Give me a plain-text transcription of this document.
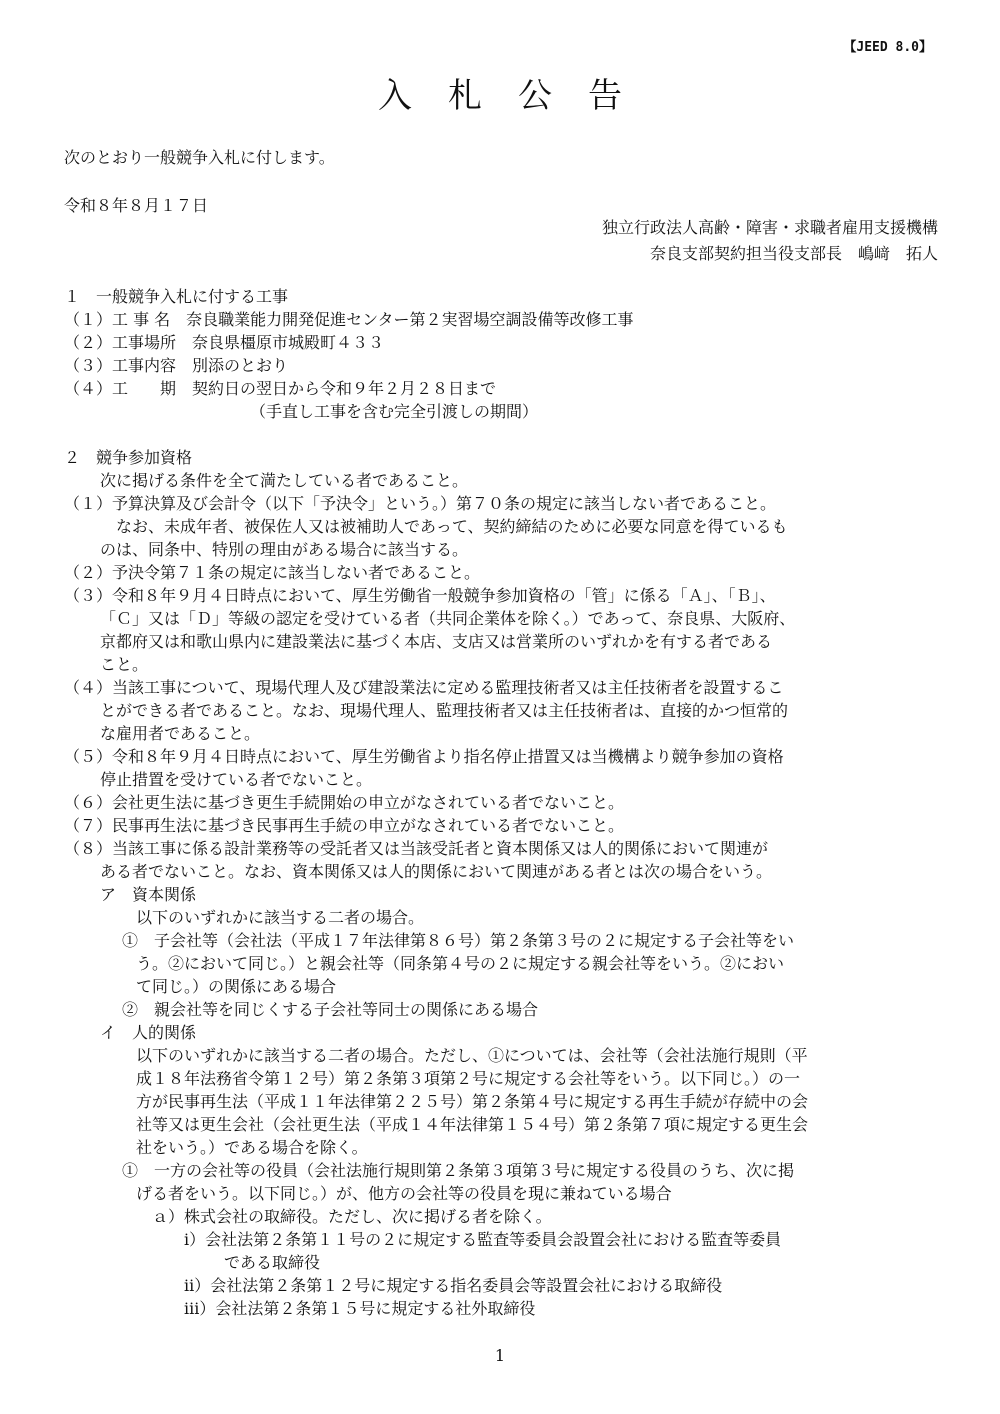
【JEED 8.0】
入 札 公 告
次のとおり一般競争入札に付します。
令和８年８月１７日
独立行政法人高齢・障害・求職者雇用支援機構
奈良支部契約担当役支部長　嶋﨑　拓人
１　一般競争入札に付する工事
（１）工 事 名　奈良職業能力開発促進センター第２実習場空調設備等改修工事
（２）工事場所　奈良県橿原市城殿町４３３
（３）工事内容　別添のとおり
（４）工　　期　契約日の翌日から令和９年２月２８日まで
（手直し工事を含む完全引渡しの期間）
２　競争参加資格
次に掲げる条件を全て満たしている者であること。
（１）予算決算及び会計令（以下「予決令」という。）第７０条の規定に該当しない者であること。
なお、未成年者、被保佐人又は被補助人であって、契約締結のために必要な同意を得ているも
のは、同条中、特別の理由がある場合に該当する。
（２）予決令第７１条の規定に該当しない者であること。
（３）令和８年９月４日時点において、厚生労働省一般競争参加資格の「管」に係る「Ａ」、「Ｂ」、
「Ｃ」又は「Ｄ」等級の認定を受けている者（共同企業体を除く。）であって、奈良県、大阪府、
京都府又は和歌山県内に建設業法に基づく本店、支店又は営業所のいずれかを有する者である
こと。
（４）当該工事について、現場代理人及び建設業法に定める監理技術者又は主任技術者を設置するこ
とができる者であること。なお、現場代理人、監理技術者又は主任技術者は、直接的かつ恒常的
な雇用者であること。
（５）令和８年９月４日時点において、厚生労働省より指名停止措置又は当機構より競争参加の資格
停止措置を受けている者でないこと。
（６）会社更生法に基づき更生手続開始の申立がなされている者でないこと。
（７）民事再生法に基づき民事再生手続の申立がなされている者でないこと。
（８）当該工事に係る設計業務等の受託者又は当該受託者と資本関係又は人的関係において関連が
ある者でないこと。なお、資本関係又は人的関係において関連がある者とは次の場合をいう。
ア　資本関係
以下のいずれかに該当する二者の場合。
①　子会社等（会社法（平成１７年法律第８６号）第２条第３号の２に規定する子会社等をい
う。②において同じ。）と親会社等（同条第４号の２に規定する親会社等をいう。②におい
て同じ。）の関係にある場合
②　親会社等を同じくする子会社等同士の関係にある場合
イ　人的関係
以下のいずれかに該当する二者の場合。ただし、①については、会社等（会社法施行規則（平
成１８年法務省令第１２号）第２条第３項第２号に規定する会社等をいう。以下同じ。）の一
方が民事再生法（平成１１年法律第２２５号）第２条第４号に規定する再生手続が存続中の会
社等又は更生会社（会社更生法（平成１４年法律第１５４号）第２条第７項に規定する更生会
社をいう。）である場合を除く。
①　一方の会社等の役員（会社法施行規則第２条第３項第３号に規定する役員のうち、次に掲
げる者をいう。以下同じ。）が、他方の会社等の役員を現に兼ねている場合
ａ）株式会社の取締役。ただし、次に掲げる者を除く。
ⅰ）会社法第２条第１１号の２に規定する監査等委員会設置会社における監査等委員
である取締役
ⅱ）会社法第２条第１２号に規定する指名委員会等設置会社における取締役
ⅲ）会社法第２条第１５号に規定する社外取締役
1
